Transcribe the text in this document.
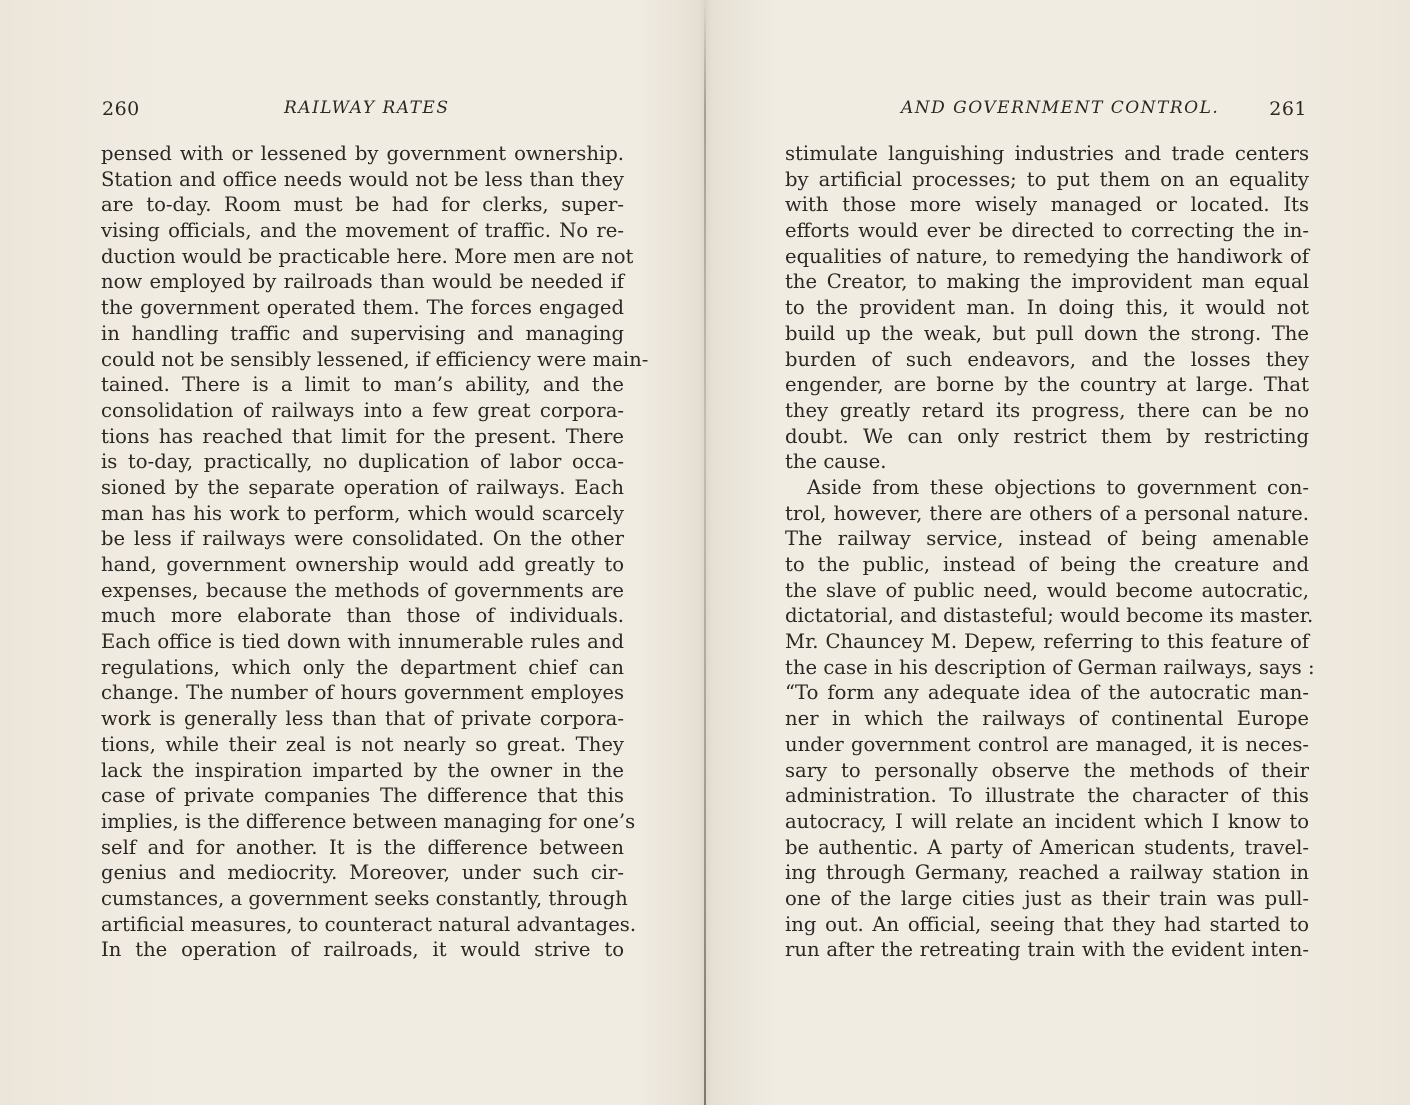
260	RAILWAY RATES
pensed with or lessened by government ownership.
Station and office needs would not be less than they
are to-day. Room must be had for clerks, super-
vising officials, and the movement of traffic. No re-
duction would be practicable here. More men are not
now employed by railroads than would be needed if
the government operated them. The forces engaged
in handling traffic and supervising and managing
could not be sensibly lessened, if efficiency were main-
tained. There is a limit to man’s ability, and the
consolidation of railways into a few great corpora-
tions has reached that limit for the present. There
is to-day, practically, no duplication of labor occa-
sioned by the separate operation of railways. Each
man has his work to perform, which would scarcely
be less if railways were consolidated. On the other
hand, government ownership would add greatly to
expenses, because the methods of governments are
much more elaborate than those of individuals.
Each office is tied down with innumerable rules and
regulations, which only the department chief can
change. The number of hours government employes
work is generally less than that of private corpora-
tions, while their zeal is not nearly so great. They
lack the inspiration imparted by the owner in the
case of private companies The difference that this
implies, is the difference between managing for one’s
self and for another. It is the difference between
genius and mediocrity. Moreover, under such cir-
cumstances, a government seeks constantly, through
artificial measures, to counteract natural advantages.
In the operation of railroads, it would strive to
AND GOVERNMENT CONTROL.	261
stimulate languishing industries and trade centers
by artificial processes; to put them on an equality
with those more wisely managed or located. Its
efforts would ever be directed to correcting the in-
equalities of nature, to remedying the handiwork of
the Creator, to making the improvident man equal
to the provident man. In doing this, it would not
build up the weak, but pull down the strong. The
burden of such endeavors, and the losses they
engender, are borne by the country at large. That
they greatly retard its progress, there can be no
doubt. We can only restrict them by restricting
the cause.
Aside from these objections to government con-
trol, however, there are others of a personal nature.
The railway service, instead of being amenable
to the public, instead of being the creature and
the slave of public need, would become autocratic,
dictatorial, and distasteful; would become its master.
Mr. Chauncey M. Depew, referring to this feature of
the case in his description of German railways, says :
“To form any adequate idea of the autocratic man-
ner in which the railways of continental Europe
under government control are managed, it is neces-
sary to personally observe the methods of their
administration. To illustrate the character of this
autocracy, I will relate an incident which I know to
be authentic. A party of American students, travel-
ing through Germany, reached a railway station in
one of the large cities just as their train was pull-
ing out. An official, seeing that they had started to
run after the retreating train with the evident inten-
